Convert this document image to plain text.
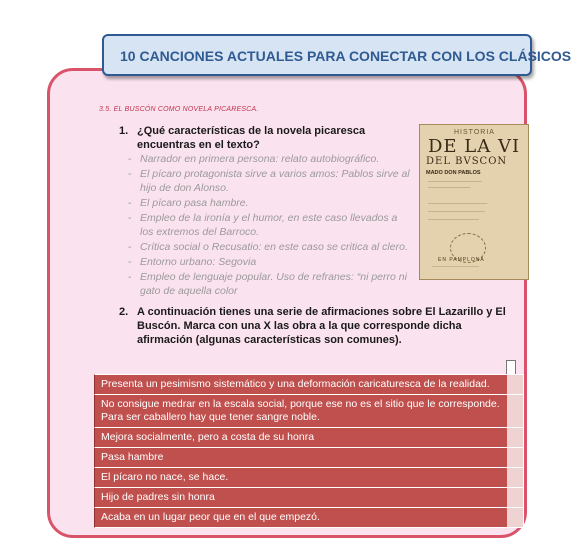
10 CANCIONES ACTUALES PARA CONECTAR CON LOS CLÁSICOS
3.5. EL BUSCÓN COMO NOVELA PICARESCA.
1. ¿Qué características de la novela picaresca encuentras en el texto?
- Narrador en primera persona: relato autobiográfico.
- El pícaro protagonista sirve a varios amos: Pablos sirve al hijo de don Alonso.
- El pícaro pasa hambre.
- Empleo de la ironía y el humor, en este caso llevados a los extremos del Barroco.
- Crítica social o Recusatio: en este caso se critica al clero.
- Entorno urbano: Segovia
- Empleo de lenguaje popular. Uso de refranes: “ni perro ni gato de aquella color
HISTORIA
DE LA VI
DEL BVSCON
MADO DON PABLOS
───────────────────
───────────────
─────────────────────
────────────────────
──────────────────
EN PAMPLONA
───────────────────
2. A continuación tienes una serie de afirmaciones sobre El Lazarillo y El Buscón. Marca con una X las obra a la que corresponde dicha afirmación (algunas características son comunes).
Presenta un pesimismo sistemático y una deformación caricaturesca de la realidad.
No consigue medrar en la escala social, porque ese no es el sitio que le corresponde. Para ser caballero hay que tener sangre noble.
Mejora socialmente, pero a costa de su honra
Pasa hambre
El pícaro no nace, se hace.
Hijo de padres sin honra
Acaba en un lugar peor que en el que empezó.
